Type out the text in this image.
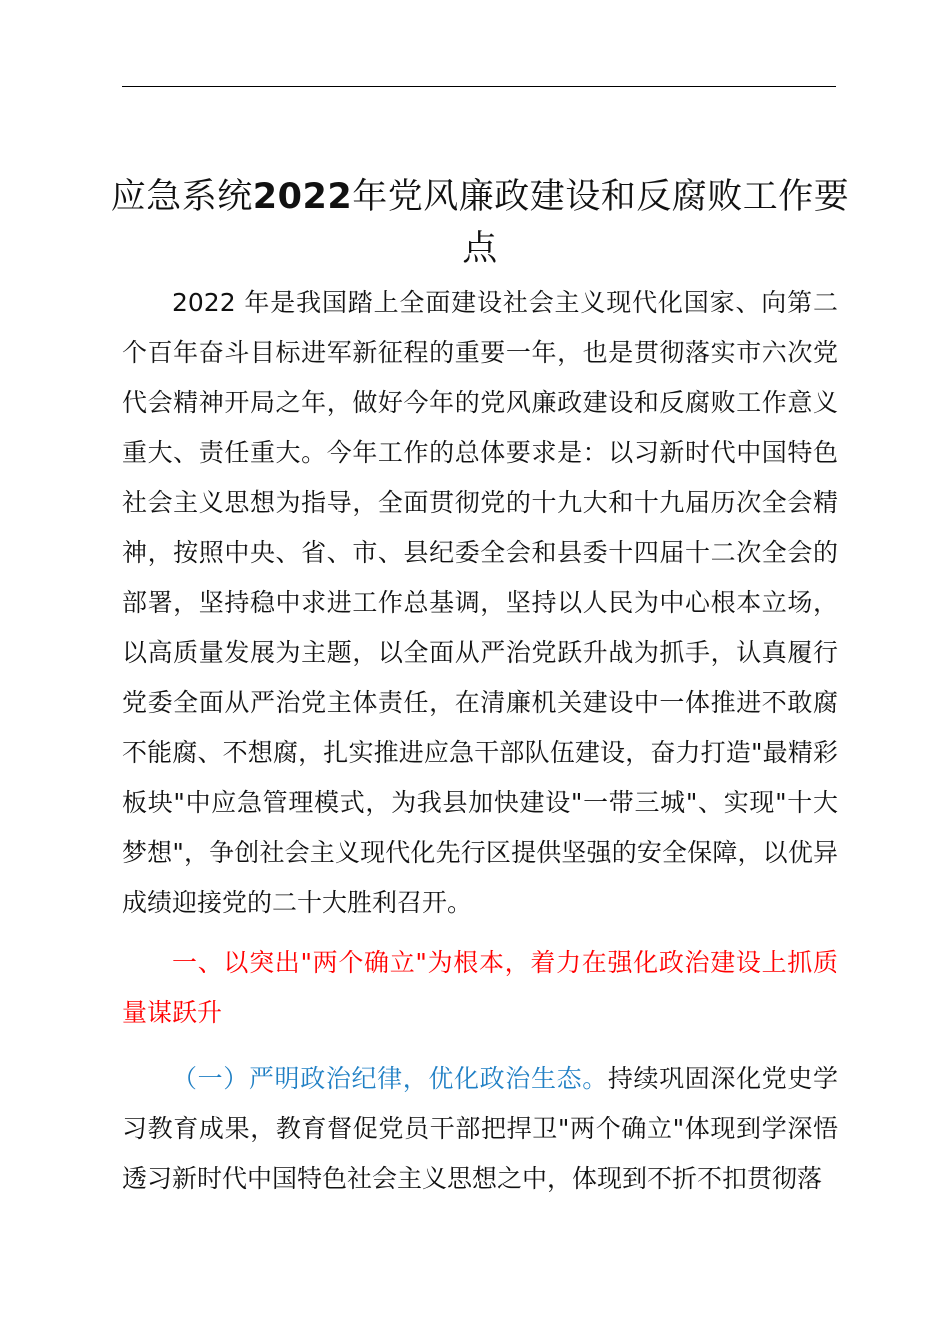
应急系统2022年党风廉政建设和反腐败工作要点

2022 年是我国踏上全面建设社会主义现代化国家、向第二个百年奋斗目标进军新征程的重要一年，也是贯彻落实市六次党代会精神开局之年，做好今年的党风廉政建设和反腐败工作意义重大、责任重大。今年工作的总体要求是：以习新时代中国特色社会主义思想为指导，全面贯彻党的十九大和十九届历次全会精神，按照中央、省、市、县纪委全会和县委十四届十二次全会的部署，坚持稳中求进工作总基调，坚持以人民为中心根本立场，以高质量发展为主题，以全面从严治党跃升战为抓手，认真履行党委全面从严治党主体责任，在清廉机关建设中一体推进不敢腐不能腐、不想腐，扎实推进应急干部队伍建设，奋力打造"最精彩板块"中应急管理模式，为我县加快建设"一带三城"、实现"十大梦想"，争创社会主义现代化先行区提供坚强的安全保障，以优异成绩迎接党的二十大胜利召开。

一、以突出"两个确立"为根本，着力在强化政治建设上抓质量谋跃升

（一）严明政治纪律，优化政治生态。持续巩固深化党史学习教育成果，教育督促党员干部把捍卫"两个确立"体现到学深悟透习新时代中国特色社会主义思想之中，体现到不折不扣贯彻落
